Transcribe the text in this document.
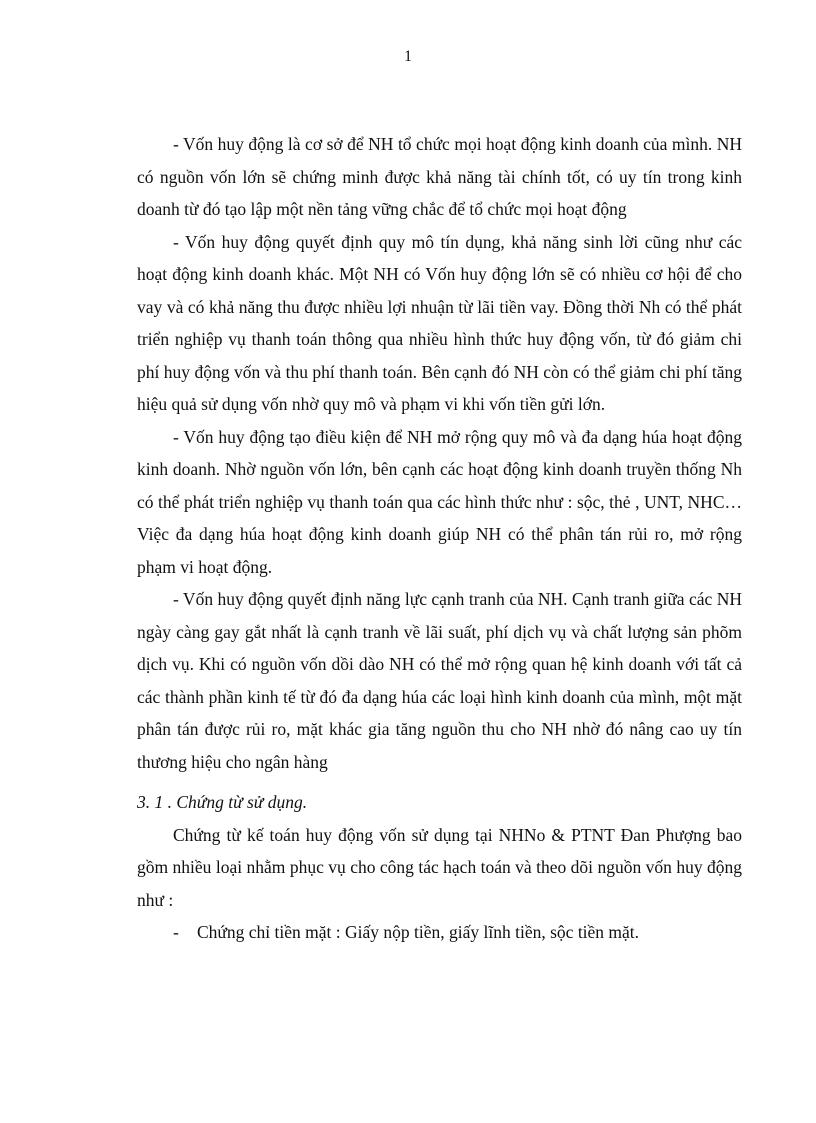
1

- Vốn huy động là cơ sở để NH tổ chức mọi hoạt động kinh doanh của mình. NH có nguồn vốn lớn sẽ chứng minh được khả năng tài chính tốt, có uy tín trong kinh doanh từ đó tạo lập một nền tảng vững chắc để tổ chức mọi hoạt động

- Vốn huy động quyết định quy mô tín dụng, khả năng sinh lời cũng như các hoạt động kinh doanh khác. Một NH có Vốn huy động lớn sẽ có nhiều cơ hội để cho vay và có khả năng thu được nhiều lợi nhuận từ lãi tiền vay. Đồng thời Nh có thể phát triển nghiệp vụ thanh toán thông qua nhiều hình thức huy động vốn, từ đó giảm chi phí huy động vốn và thu phí thanh toán. Bên cạnh đó NH còn có thể giảm chi phí tăng hiệu quả sử dụng vốn nhờ quy mô và phạm vi khi vốn tiền gửi lớn.

- Vốn huy động tạo điều kiện để NH mở rộng quy mô và đa dạng húa hoạt động kinh doanh. Nhờ nguồn vốn lớn, bên cạnh các hoạt động kinh doanh truyền thống Nh có thể phát triển nghiệp vụ thanh toán qua các hình thức như : sộc, thẻ , UNT, NHC… Việc đa dạng húa hoạt động kinh doanh giúp NH có thể phân tán rủi ro, mở rộng phạm vi hoạt động.

- Vốn huy động quyết định năng lực cạnh tranh của NH. Cạnh tranh giữa các NH ngày càng gay gắt nhất là cạnh tranh về lãi suất, phí dịch vụ và chất lượng sản phõm dịch vụ. Khi có nguồn vốn dồi dào NH có thể mở rộng quan hệ kinh doanh với tất cả các thành phần kinh tế từ đó đa dạng húa các loại hình kinh doanh của mình, một mặt phân tán được rủi ro, mặt khác gia tăng nguồn thu cho NH nhờ đó nâng cao uy tín thương hiệu cho ngân hàng

3. 1 . Chứng từ sử dụng.

Chứng từ kế toán huy động vốn sử dụng tại NHNo & PTNT Đan Phượng bao gồm nhiều loại nhằm phục vụ cho công tác hạch toán và theo dõi nguồn vốn huy động như :

- Chứng chỉ tiền mặt : Giấy nộp tiền, giấy lĩnh tiền, sộc tiền mặt.
